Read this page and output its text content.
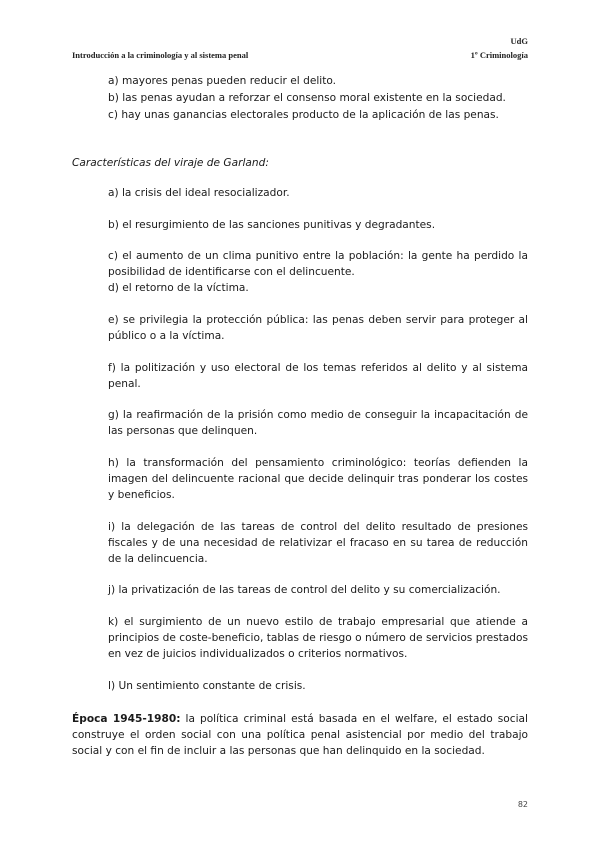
Introducción a la criminología y al sistema penal
UdG
1º Criminología
a) mayores penas pueden reducir el delito.
b) las penas ayudan a reforzar el consenso moral existente en la sociedad.
c) hay unas ganancias electorales producto de la aplicación de las penas.
Características del viraje de Garland:
a) la crisis del ideal resocializador.
b) el resurgimiento de las sanciones punitivas y degradantes.
c) el aumento de un clima punitivo entre la población: la gente ha perdido la posibilidad de identificarse con el delincuente.
d) el retorno de la víctima.
e) se privilegia la protección pública: las penas deben servir para proteger al público o a la víctima.
f) la politización y uso electoral de los temas referidos al delito y al sistema penal.
g) la reafirmación de la prisión como medio de conseguir la incapacitación de las personas que delinquen.
h) la transformación del pensamiento criminológico: teorías defienden la imagen del delincuente racional que decide delinquir tras ponderar los costes y beneficios.
i) la delegación de las tareas de control del delito resultado de presiones fiscales y de una necesidad de relativizar el fracaso en su tarea de reducción de la delincuencia.
j) la privatización de las tareas de control del delito y su comercialización.
k) el surgimiento de un nuevo estilo de trabajo empresarial que atiende a principios de coste-beneficio, tablas de riesgo o número de servicios prestados en vez de juicios individualizados o criterios normativos.
l) Un sentimiento constante de crisis.
Época 1945-1980: la política criminal está basada en el welfare, el estado social construye el orden social con una política penal asistencial por medio del trabajo social y con el fin de incluir a las personas que han delinquido en la sociedad.
82
